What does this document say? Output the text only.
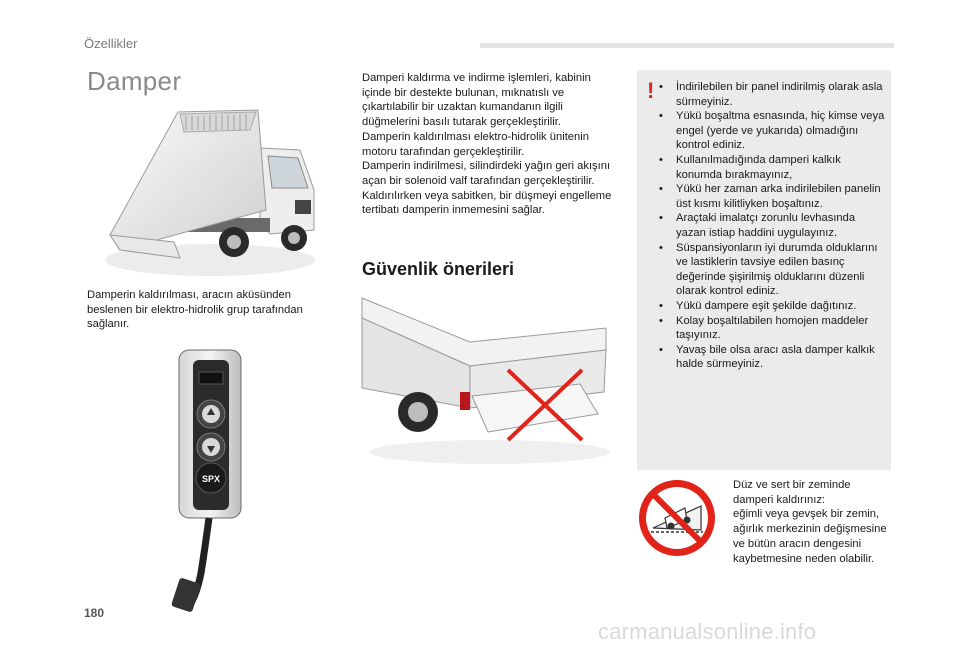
Özellikler
Damper
Damperin kaldırılması, aracın aküsünden beslenen bir elektro-hidrolik grup tarafından sağlanır.
SPX
Damperi kaldırma ve indirme işlemleri, kabinin içinde bir destekte bulunan, mıknatıslı ve çıkartılabilir bir uzaktan kumandanın ilgili düğmelerini basılı tutarak gerçekleştirilir.
Damperin kaldırılması elektro-hidrolik ünitenin motoru tarafından gerçekleştirilir.
Damperin indirilmesi, silindirdeki yağın geri akışını açan bir solenoid valf tarafından gerçekleştirilir.
Kaldırılırken veya sabitken, bir düşmeyi engelleme tertibatı damperin inmemesini sağlar.
Güvenlik önerileri
! • İndirilebilen bir panel indirilmiş olarak asla sürmeyiniz.
• Yükü boşaltma esnasında, hiç kimse veya engel (yerde ve yukarıda) olmadığını kontrol ediniz.
• Kullanılmadığında damperi kalkık konumda bırakmayınız,
• Yükü her zaman arka indirilebilen panelin üst kısmı kilitliyken boşaltınız.
• Araçtaki imalatçı zorunlu levhasında yazan istiap haddini uygulayınız.
• Süspansiyonların iyi durumda olduklarını ve lastiklerin tavsiye edilen basınç değerinde şişirilmiş olduklarını düzenli olarak kontrol ediniz.
• Yükü dampere eşit şekilde dağıtınız.
• Kolay boşaltılabilen homojen maddeler taşıyınız.
• Yavaş bile olsa aracı asla damper kalkık halde sürmeyiniz.
Düz ve sert bir zeminde damperi kaldırınız:
eğimli veya gevşek bir zemin, ağırlık merkezinin değişmesine ve bütün aracın dengesini kaybetmesine neden olabilir.
180
carmanualsonline.info
